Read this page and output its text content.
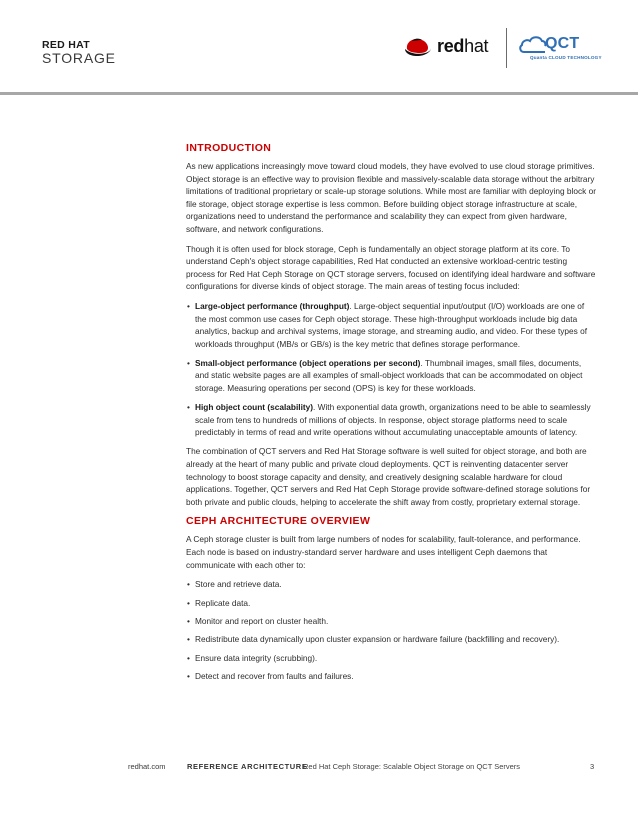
RED HAT
STORAGE
redhat	QCT
Quanta CLOUD TECHNOLOGY
INTRODUCTION

As new applications increasingly move toward cloud models, they have evolved to use cloud storage primitives. Object storage is an effective way to provision flexible and massively-scalable data storage without the arbitrary limitations of traditional proprietary or scale-up storage solutions. While most are familiar with deploying block or file storage, object storage expertise is less common. Before building object storage infrastructure at scale, organizations need to understand the performance and scalability they can expect from given hardware, software, and network configurations.

Though it is often used for block storage, Ceph is fundamentally an object storage platform at its core. To understand Ceph's object storage capabilities, Red Hat conducted an extensive workload-centric testing process for Red Hat Ceph Storage on QCT storage servers, focused on identifying ideal hardware and software configurations for diverse kinds of object storage. The main areas of testing focus included:

• Large-object performance (throughput). Large-object sequential input/output (I/O) workloads are one of the most common use cases for Ceph object storage. These high-throughput workloads include big data analytics, backup and archival systems, image storage, and streaming audio, and video. For these types of workloads throughput (MB/s or GB/s) is the key metric that defines storage performance.
• Small-object performance (object operations per second). Thumbnail images, small files, documents, and static website pages are all examples of small-object workloads that can be accommodated on object storage. Measuring operations per second (OPS) is key for these workloads.
• High object count (scalability). With exponential data growth, organizations need to be able to seamlessly scale from tens to hundreds of millions of objects. In response, object storage platforms need to scale predictably in terms of read and write operations without accumulating unacceptable amounts of latency.

The combination of QCT servers and Red Hat Storage software is well suited for object storage, and both are already at the heart of many public and private cloud deployments. QCT is reinventing datacenter server technology to boost storage capacity and density, and creatively designing scalable hardware for cloud applications. Together, QCT servers and Red Hat Ceph Storage provide software-defined storage solutions for both private and public clouds, helping to accelerate the shift away from costly, proprietary external storage.

CEPH ARCHITECTURE OVERVIEW

A Ceph storage cluster is built from large numbers of nodes for scalability, fault-tolerance, and performance. Each node is based on industry-standard server hardware and uses intelligent Ceph daemons that communicate with each other to:

• Store and retrieve data.
• Replicate data.
• Monitor and report on cluster health.
• Redistribute data dynamically upon cluster expansion or hardware failure (backfilling and recovery).
• Ensure data integrity (scrubbing).
• Detect and recover from faults and failures.
redhat.com	REFERENCE ARCHITECTURE
Red Hat Ceph Storage: Scalable Object Storage on QCT Servers	3
